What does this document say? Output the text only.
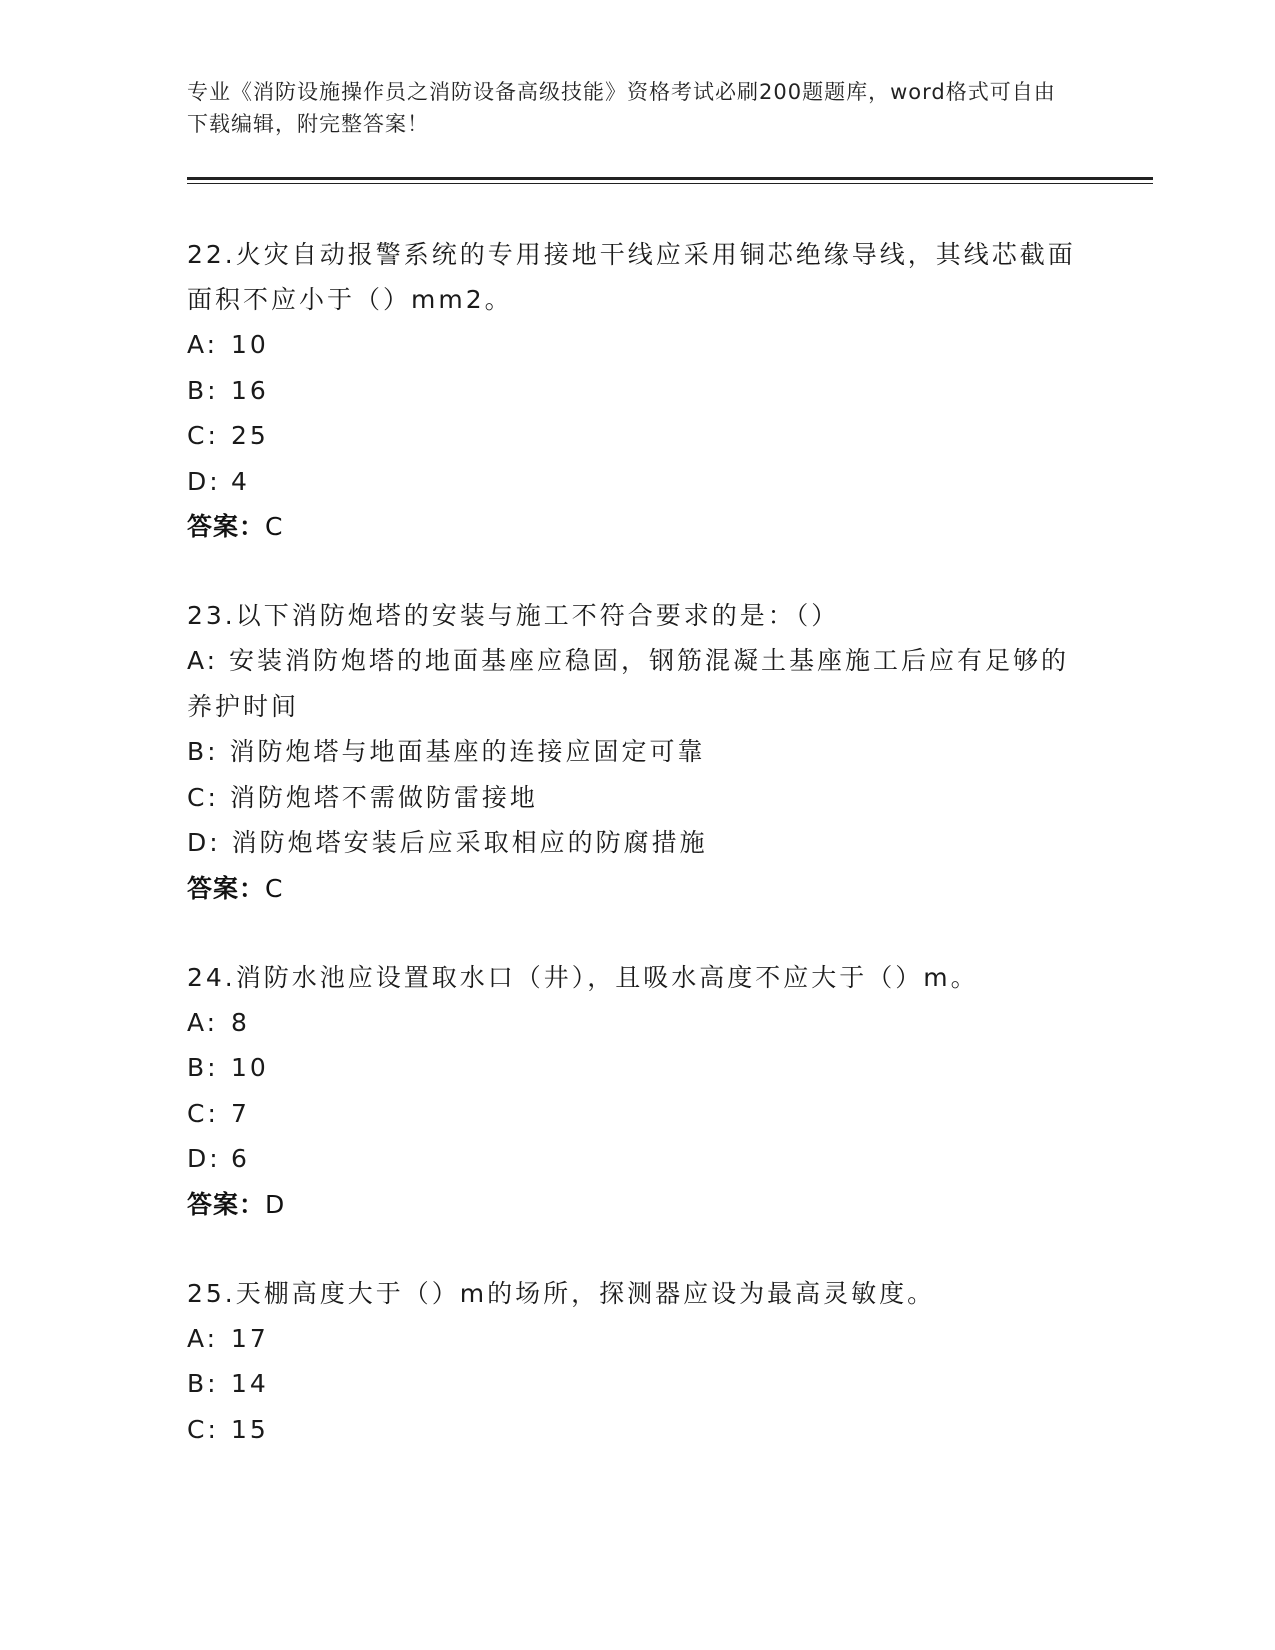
专业《消防设施操作员之消防设备高级技能》资格考试必刷200题题库，word格式可自由下载编辑，附完整答案！
22.火灾自动报警系统的专用接地干线应采用铜芯绝缘导线，其线芯截面面积不应小于（）mm2。
A: 10
B: 16
C: 25
D: 4
答案：C
23.以下消防炮塔的安装与施工不符合要求的是：（）
A: 安装消防炮塔的地面基座应稳固，钢筋混凝土基座施工后应有足够的养护时间
B: 消防炮塔与地面基座的连接应固定可靠
C: 消防炮塔不需做防雷接地
D: 消防炮塔安装后应采取相应的防腐措施
答案：C
24.消防水池应设置取水口（井），且吸水高度不应大于（）m。
A: 8
B: 10
C: 7
D: 6
答案：D
25.天棚高度大于（）m的场所，探测器应设为最高灵敏度。
A: 17
B: 14
C: 15
